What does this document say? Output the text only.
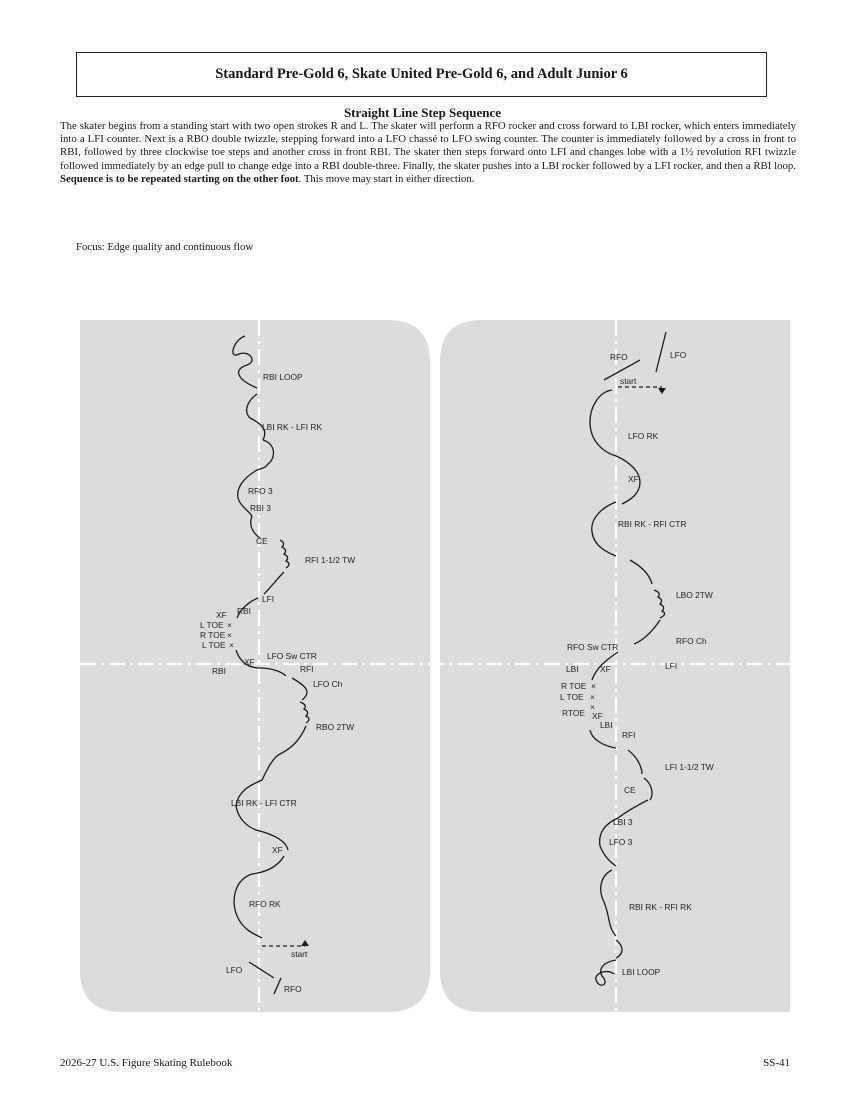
Standard Pre-Gold 6, Skate United Pre-Gold 6, and Adult Junior 6
Straight Line Step Sequence
The skater begins from a standing start with two open strokes R and L. The skater will perform a RFO rocker and cross forward to LBI rocker, which enters immediately into a LFI counter. Next is a RBO double twizzle, stepping forward into a LFO chassé to LFO swing counter. The counter is immediately followed by a cross in front to RBI, followed by three clockwise toe steps and another cross in front RBI. The skater then steps forward onto LFI and changes lobe with a 1½ revolution RFI twizzle followed immediately by an edge pull to change edge into a RBI double-three. Finally, the skater pushes into a LBI rocker followed by a LFI rocker, and then a RBI loop. Sequence is to be repeated starting on the other foot. This move may start in either direction.
Focus: Edge quality and continuous flow
RBI LOOP
LBI RK - LFI RK
RFO 3
RBI 3
CE
RFI 1-1/2 TW
LFI
XF RBI
L TOE ×
R TOE ×
L TOE ×
LFO Sw CTR
RBI
XF
RFI
LFO Ch
RBO 2TW
LBI RK - LFI CTR
XF
RFO RK
start
LFO
RFO
RFO	LFO
start
LFO RK
XF
RBI RK - RFI CTR
LBO 2TW
RFO Ch
RFO Sw CTR
LBI	XF	LFI
R TOE ×
L TOE ×
RTOE
×
XF
LBI
RFI
LFI 1-1/2 TW
CE
LBI 3
LFO 3
RBI RK - RFI RK
LBI LOOP
2026-27 U.S. Figure Skating Rulebook	SS-41
